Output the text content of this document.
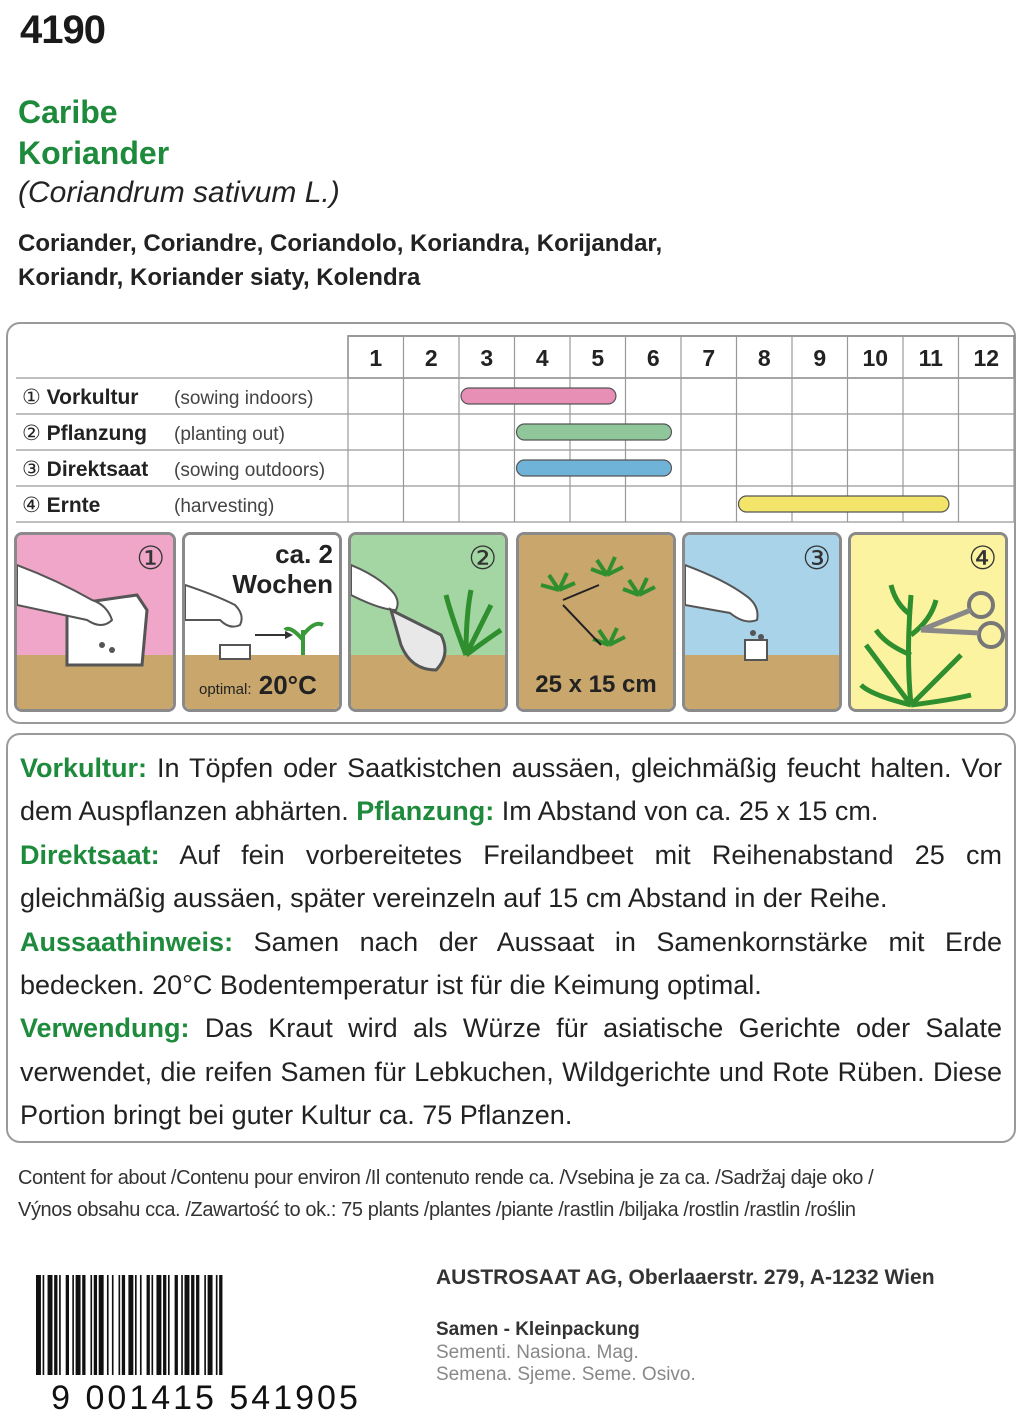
4190
Caribe
Koriander
(Coriandrum sativum L.)
Coriander, Coriandre, Coriandolo, Koriandra, Korijandar,
Koriandr, Koriander siaty, Kolendra
1 2 3 4 5 6 7 8 9 10 11 12
① Vorkultur (sowing indoors)
② Pflanzung (planting out)
③ Direktsaat (sowing outdoors)
④ Ernte	(harvesting)
①	ca. 2
Wochen
optimal: 20°C
②
25 x 15 cm
③	④

Vorkultur: In Töpfen oder Saatkistchen aussäen, gleichmäßig feucht halten. Vor dem Auspflanzen abhärten. Pflanzung: Im Abstand von ca. 25 x 15 cm.
Direktsaat: Auf fein vorbereitetes Freilandbeet mit Reihenabstand 25 cm gleichmäßig aussäen, später vereinzeln auf 15 cm Abstand in der Reihe.
Aussaathinweis: Samen nach der Aussaat in Samenkornstärke mit Erde bedecken. 20°C Bodentemperatur ist für die Keimung optimal.
Verwendung: Das Kraut wird als Würze für asiatische Gerichte oder Salate verwendet, die reifen Samen für Lebkuchen, Wildgerichte und Rote Rüben. Diese Portion bringt bei guter Kultur ca. 75 Pflanzen.

Content for about /Contenu pour environ /Il contenuto rende ca. /Vsebina je za ca. /Sadržaj daje oko /
Výnos obsahu cca. /Zawartość to ok.: 75 plants /plantes /piante /rastlin /biljaka /rostlin /rastlin /roślin
9 001415 541905
AUSTROSAAT AG, Oberlaaerstr. 279, A-1232 Wien
Samen - Kleinpackung
Sementi. Nasiona. Mag.
Semena. Sjeme. Seme. Osivo.
